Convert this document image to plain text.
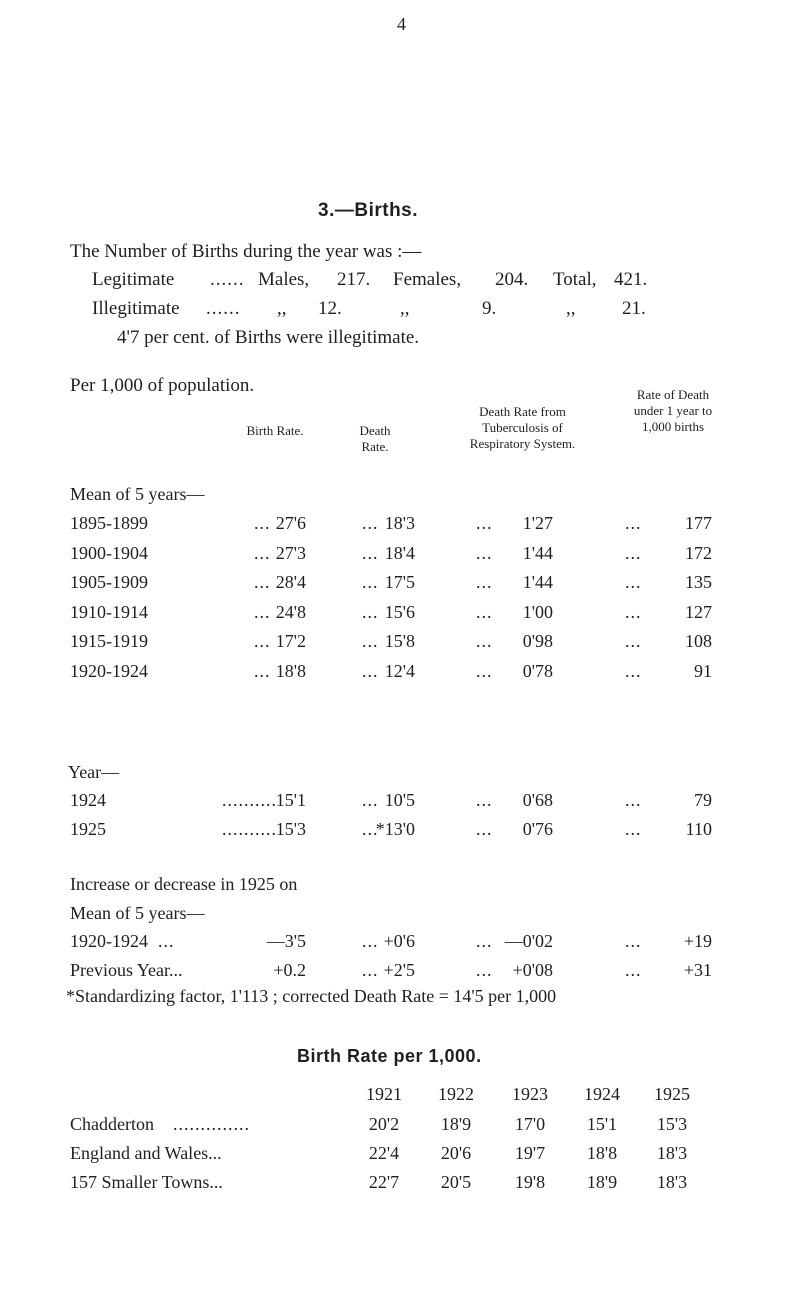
4
3.—Births.
The Number of Births during the year was :—
Legitimate ...... Males, 217. Females, 204. Total, 421.
Illegitimate ...... ,, 12.	,,	9.	,, 21.
4'7 per cent. of Births were illegitimate.
Per 1,000 of population.
Birth Rate.	Death Rate.
Death Rate from Tuberculosis of Respiratory System.
Rate of Death under 1 year to 1,000 births
Mean of 5 years—
1895-1899	27'6	18'3	1'27	177
1900-1904	27'3	18'4	1'44	172
1905-1909	28'4	17'5	1'44	135
1910-1914	24'8	15'6	1'00	127
1915-1919	17'2	15'8	0'98	108
1920-1924	18'8	12'4	0'78	91
1924	15'1	10'5	0'68	79
1925	15'3	*13'0	0'76	110
1920-1924	—3'5	+0'6	—0'02	+19
Previous Year...	+0.2	+2'5	+0'08	+31
...	...	...	...
...	...	...	...
...	...	...	...
...	...	...	...
...	...	...	...
...	...	...	...
...	...	...
...	...	...
..........
..........
...	...	...	...
...	...	...
Year—
Increase or decrease in 1925 on
Mean of 5 years—
*Standardizing factor, 1'113 ; corrected Death Rate = 14'5 per 1,000
Birth Rate per 1,000.
1921	1922	1923	1924	1925
Chadderton ..............	20'2	18'9	17'0	15'1	15'3
England and Wales...	22'4	20'6	19'7	18'8	18'3
157 Smaller Towns...	22'7	20'5	19'8	18'9	18'3
